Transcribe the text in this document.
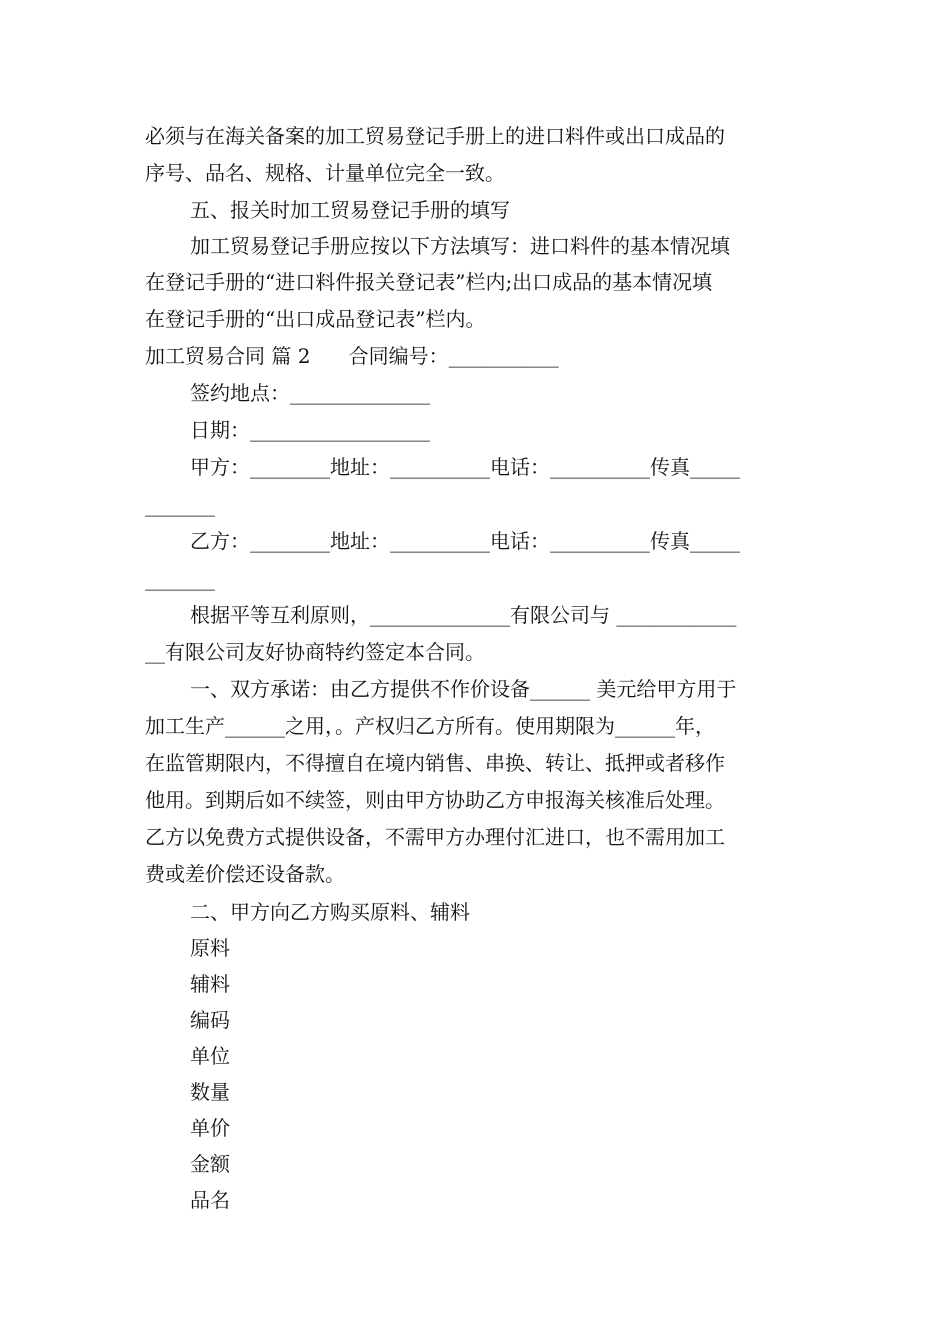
必须与在海关备案的加工贸易登记手册上的进口料件或出口成品的
序号、品名、规格、计量单位完全一致。
五、报关时加工贸易登记手册的填写
加工贸易登记手册应按以下方法填写：进口料件的基本情况填
在登记手册的“进口料件报关登记表”栏内;出口成品的基本情况填
在登记手册的“出口成品登记表”栏内。
加工贸易合同 篇 2      合同编号：___________
签约地点：______________
日期：__________________
甲方：________地址：__________电话：__________传真_____
_______
乙方：________地址：__________电话：__________传真_____
_______
根据平等互利原则，______________有限公司与 ____________
__有限公司友好协商特约签定本合同。
一、双方承诺：由乙方提供不作价设备______ 美元给甲方用于
加工生产______之用，。产权归乙方所有。使用期限为______年，
在监管期限内，不得擅自在境内销售、串换、转让、抵押或者移作
他用。到期后如不续签，则由甲方协助乙方申报海关核准后处理。
乙方以免费方式提供设备，不需甲方办理付汇进口，也不需用加工
费或差价偿还设备款。
二、甲方向乙方购买原料、辅料
原料
辅料
编码
单位
数量
单价
金额
品名
